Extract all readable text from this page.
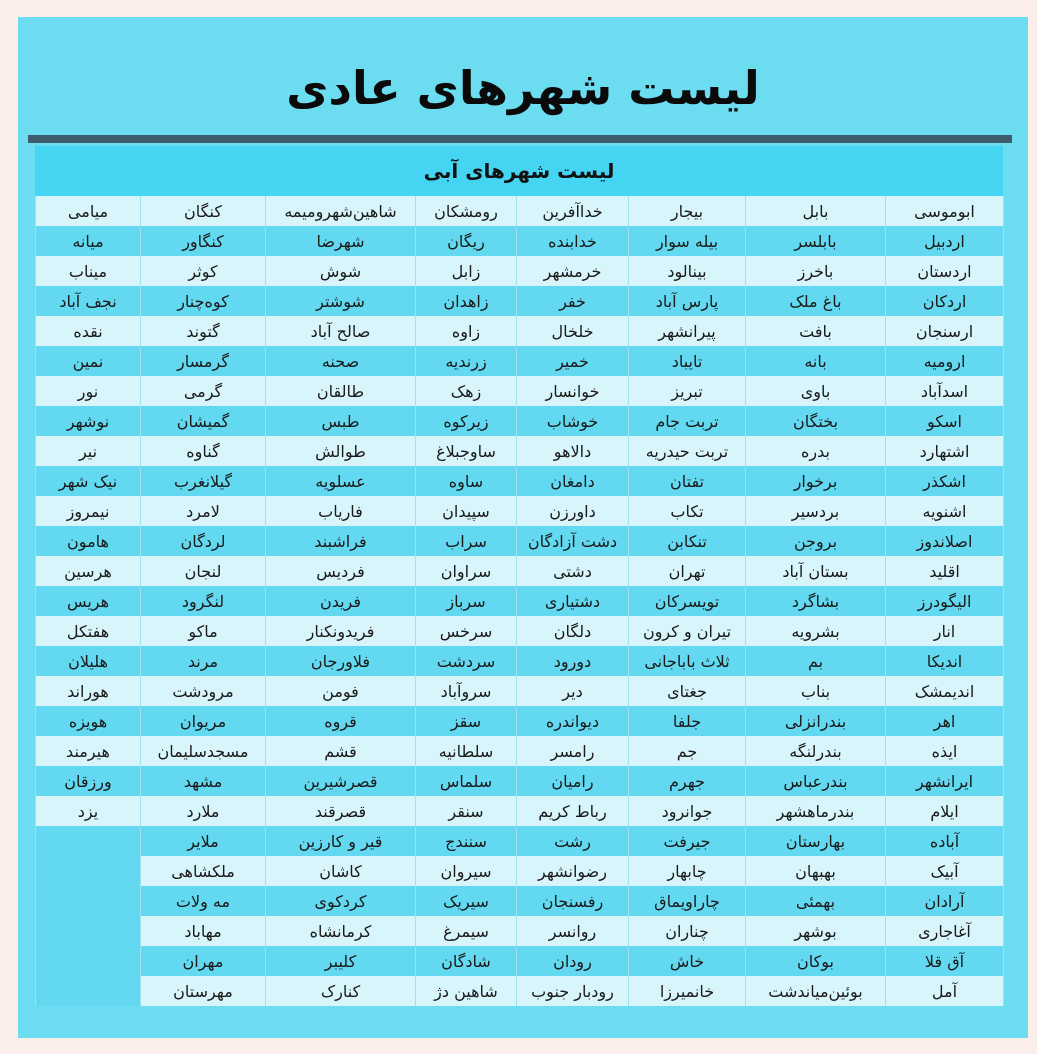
لیست شهرهای عادی
لیست شهرهای آبی
ابوموسی	بابل	بیجار	خداآفرین	رومشکان	شاهین‌شهرومیمه	کنگان	میامی
اردبیل	بابلسر	بیله سوار	خدابنده	ریگان	شهرضا	کنگاور	میانه
اردستان	باخرز	بینالود	خرمشهر	زابل	شوش	کوثر	میناب
اردکان	باغ ملک	پارس آباد	خفر	زاهدان	شوشتر	کوه‌چنار	نجف آباد
ارسنجان	بافت	پیرانشهر	خلخال	زاوه	صالح آباد	گتوند	نقده
ارومیه	بانه	تایباد	خمیر	زرندیه	صحنه	گرمسار	نمین
اسدآباد	باوی	تبریز	خوانسار	زهک	طالقان	گرمی	نور
اسکو	بختگان	تربت جام	خوشاب	زیرکوه	طبس	گمیشان	نوشهر
اشتهارد	بدره	تربت حیدریه	دالاهو	ساوجبلاغ	طوالش	گناوه	نیر
اشکذر	برخوار	تفتان	دامغان	ساوه	عسلویه	گیلانغرب	نیک شهر
اشنویه	بردسیر	تکاب	داورزن	سپیدان	فاریاب	لامرد	نیمروز
اصلاندوز	بروجن	تنکابن	دشت آزادگان	سراب	فراشبند	لردگان	هامون
اقلید	بستان آباد	تهران	دشتی	سراوان	فردیس	لنجان	هرسین
الیگودرز	بشاگرد	تویسرکان	دشتیاری	سرباز	فریدن	لنگرود	هریس
انار	بشرویه	تیران و کرون	دلگان	سرخس	فریدونکنار	ماکو	هفتکل
اندیکا	بم	ثلاث باباجانی	دورود	سردشت	فلاورجان	مرند	هلیلان
اندیمشک	بناب	جغتای	دیر	سروآباد	فومن	مرودشت	هوراند
اهر	بندرانزلی	جلفا	دیواندره	سقز	قروه	مریوان	هویزه
ایذه	بندرلنگه	جم	رامسر	سلطانیه	قشم	مسجدسلیمان	هیرمند
ایرانشهر	بندرعباس	جهرم	رامیان	سلماس	قصرشیرین	مشهد	ورزقان
ایلام	بندرماهشهر	جوانرود	رباط کریم	سنقر	قصرقند	ملارد	یزد
آباده	بهارستان	جیرفت	رشت	سنندج	قیر و کارزین	ملایر	
آبیک	بهبهان	چابهار	رضوانشهر	سیروان	کاشان	ملکشاهی	
آرادان	بهمئی	چاراویماق	رفسنجان	سیریک	کردکوی	مه ولات	
آغاجاری	بوشهر	چناران	روانسر	سیمرغ	کرمانشاه	مهاباد	
آق قلا	بوکان	خاش	رودان	شادگان	کلیبر	مهران	
آمل	بوئین‌میاندشت	خانمیرزا	رودبار جنوب	شاهین دژ	کنارک	مهرستان	
